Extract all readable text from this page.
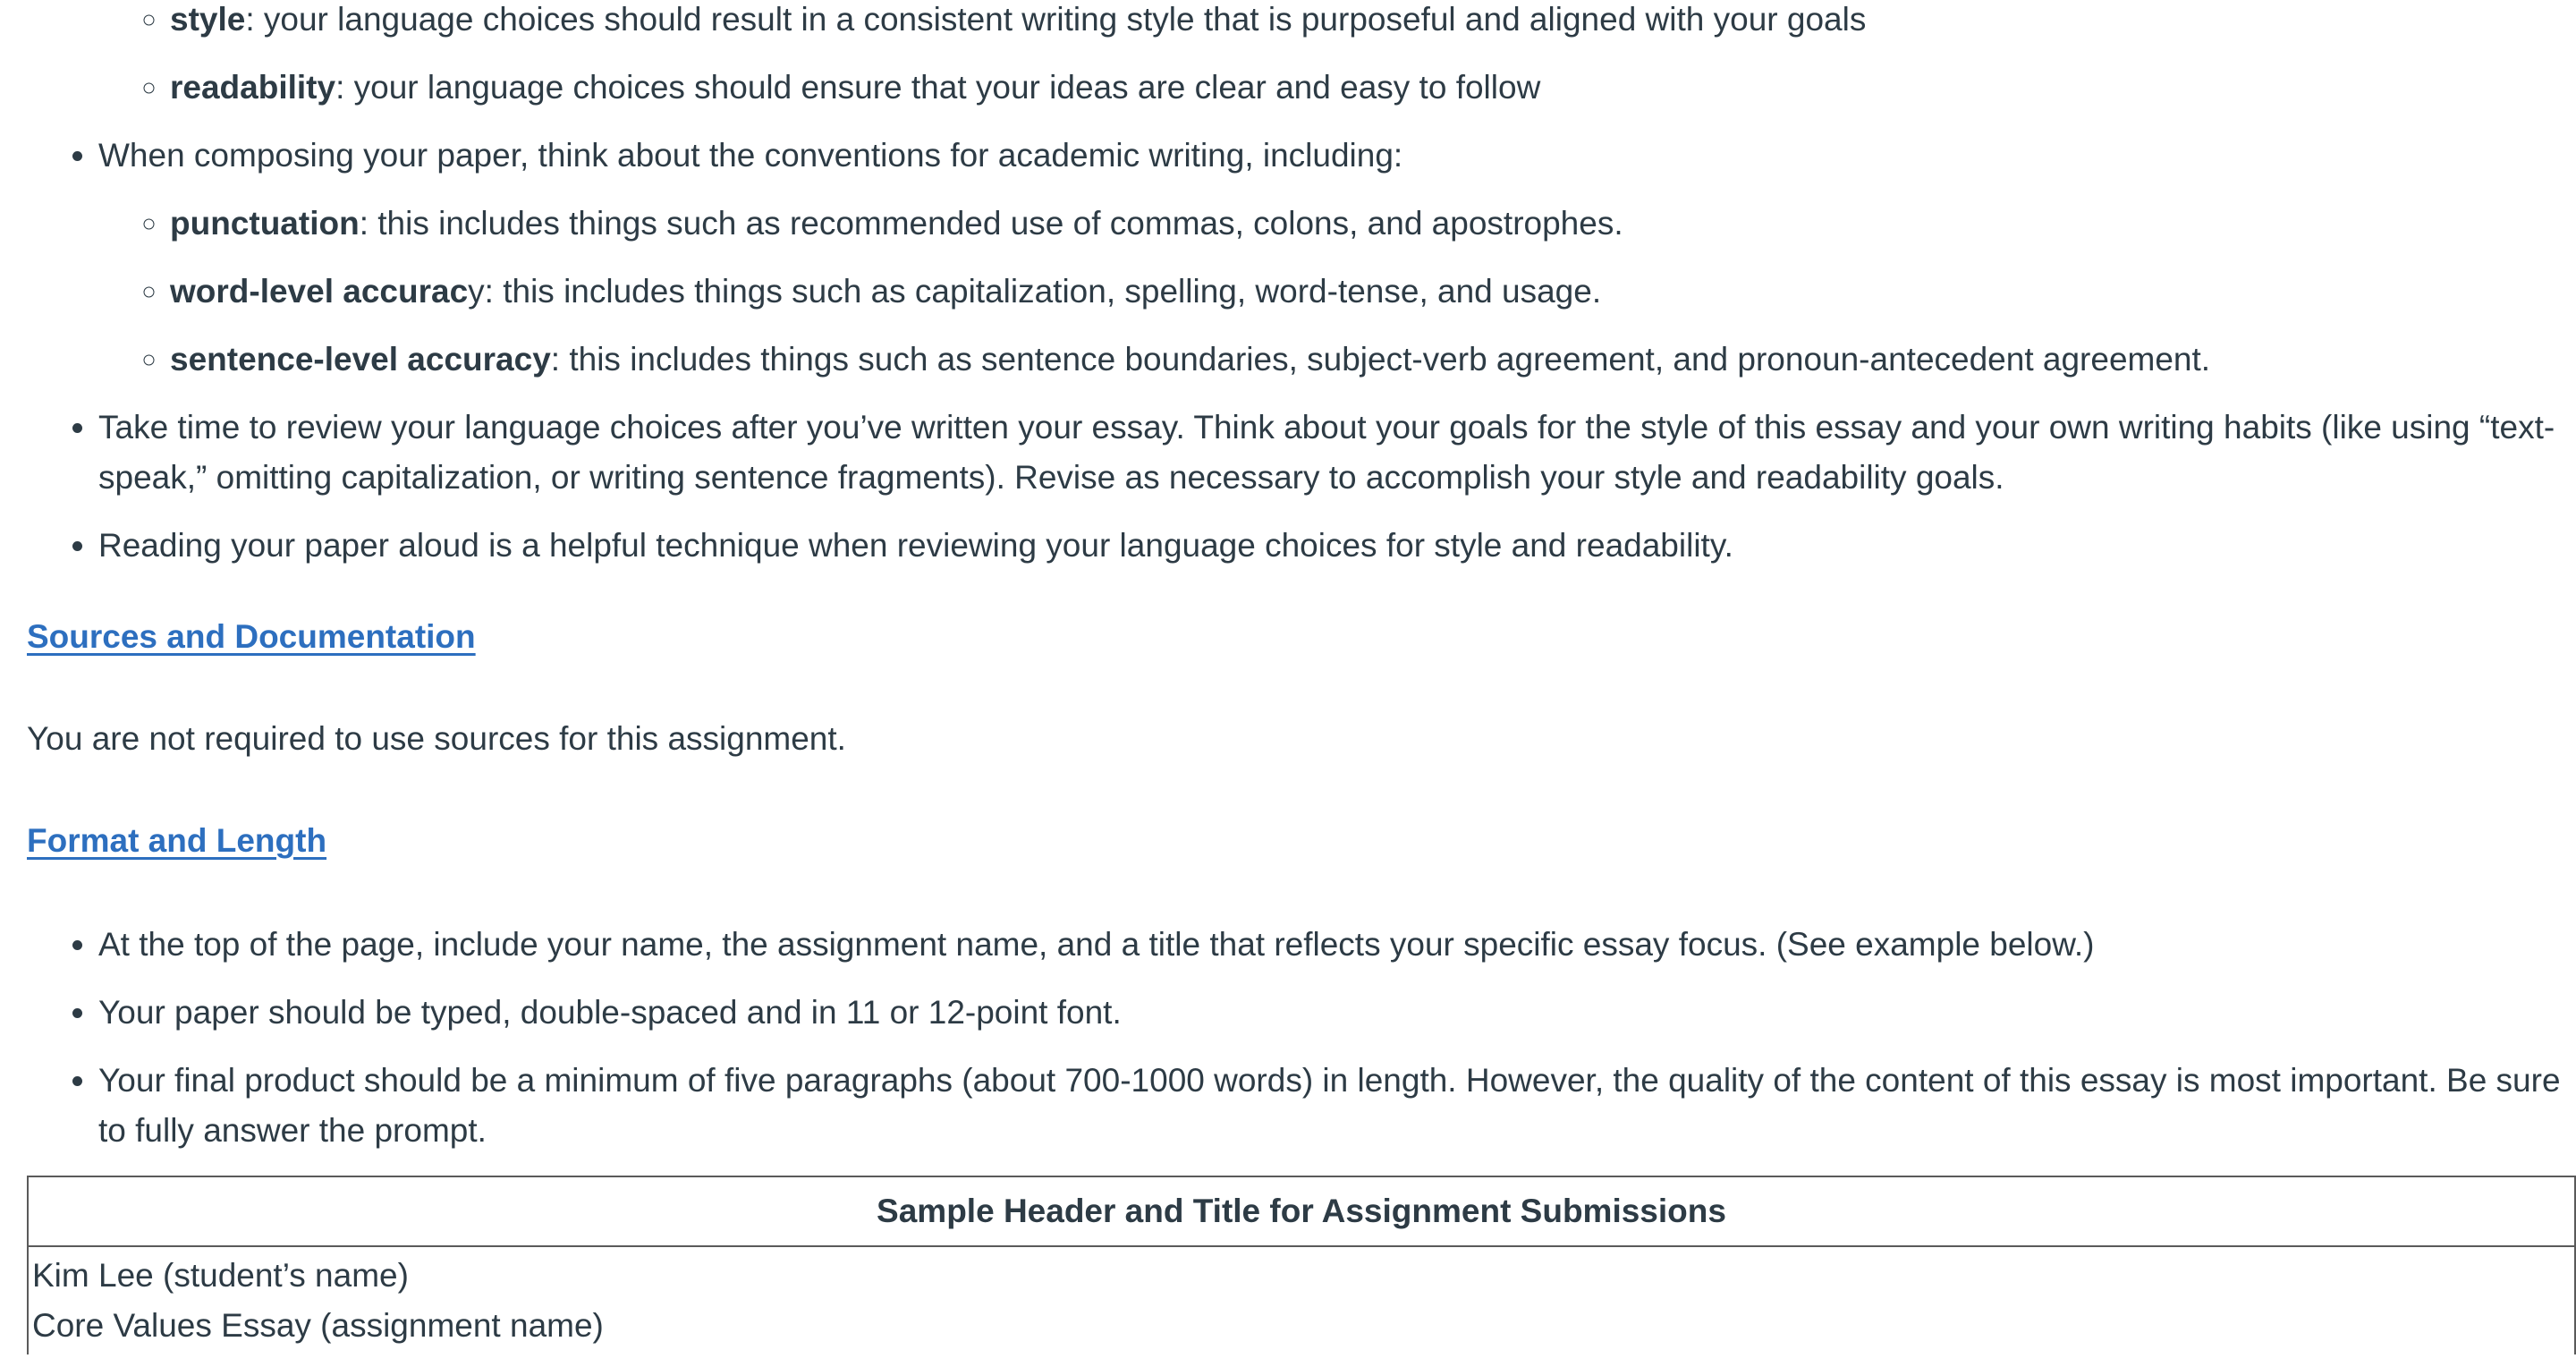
◦ style: your language choices should result in a consistent writing style that is purposeful and aligned with your goals
◦ readability: your language choices should ensure that your ideas are clear and easy to follow
• When composing your paper, think about the conventions for academic writing, including:
◦ punctuation: this includes things such as recommended use of commas, colons, and apostrophes.
◦ word-level accuracy: this includes things such as capitalization, spelling, word-tense, and usage.
◦ sentence-level accuracy: this includes things such as sentence boundaries, subject-verb agreement, and pronoun-antecedent agreement.
• Take time to review your language choices after you’ve written your essay. Think about your goals for the style of this essay and your own writing habits (like using “text-speak,” omitting capitalization, or writing sentence fragments). Revise as necessary to accomplish your style and readability goals.
• Reading your paper aloud is a helpful technique when reviewing your language choices for style and readability.

Sources and Documentation

You are not required to use sources for this assignment.

Format and Length

• At the top of the page, include your name, the assignment name, and a title that reflects your specific essay focus. (See example below.)
• Your paper should be typed, double-spaced and in 11 or 12-point font.
• Your final product should be a minimum of five paragraphs (about 700-1000 words) in length. However, the quality of the content of this essay is most important. Be sure to fully answer the prompt.
Sample Header and Title for Assignment Submissions

Kim Lee (student’s name)
Core Values Essay (assignment name)
